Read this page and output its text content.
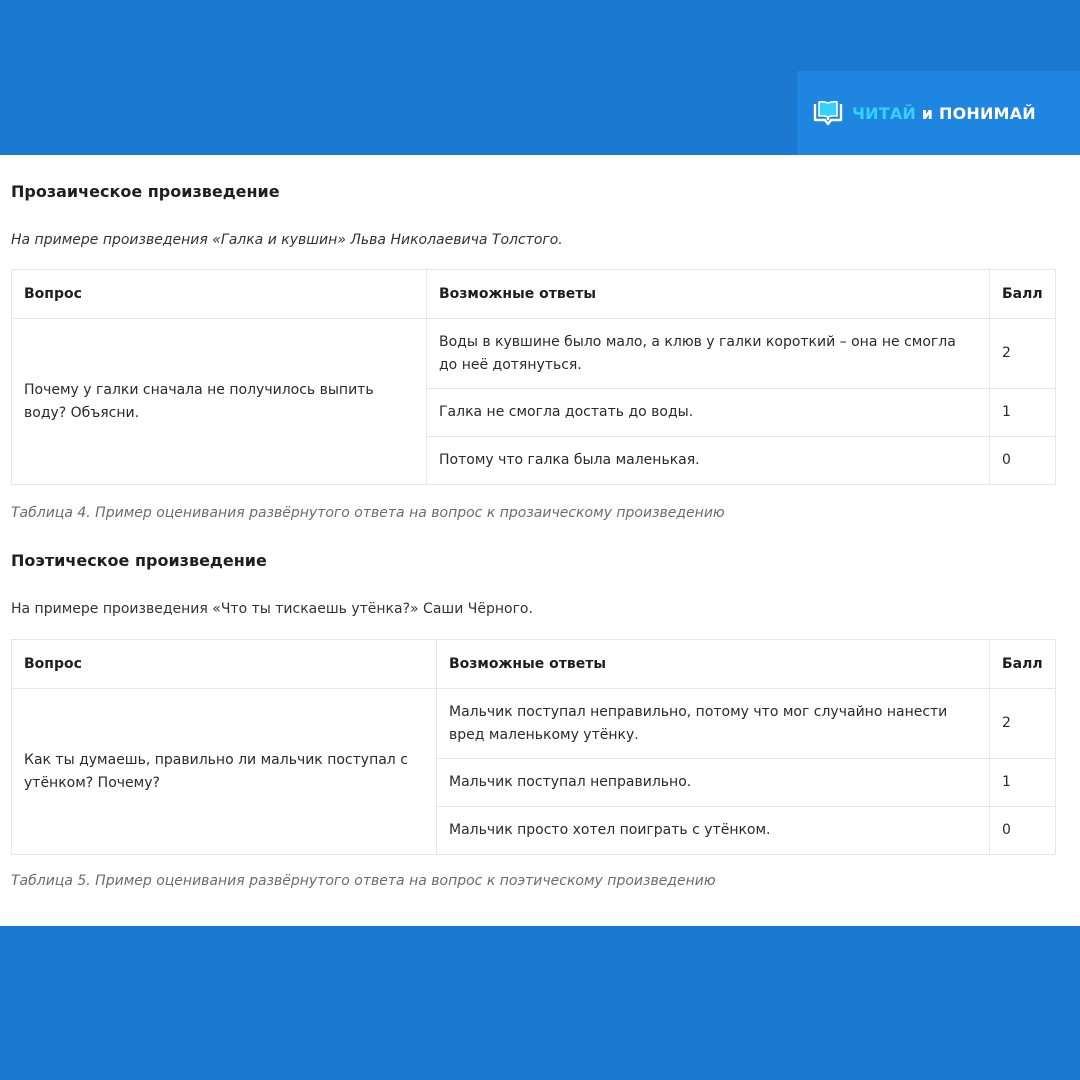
ЧИТАЙ и ПОНИМАЙ

Прозаическое произведение

На примере произведения «Галка и кувшин» Льва Николаевича Толстого.

Вопрос	Возможные ответы	Балл
Почему у галки сначала не получилось выпить воду? Объясни.	Воды в кувшине было мало, а клюв у галки короткий – она не смогла до неё дотянуться.	2
	Галка не смогла достать до воды.	1
	Потому что галка была маленькая.	0

Таблица 4. Пример оценивания развёрнутого ответа на вопрос к прозаическому произведению

Поэтическое произведение

На примере произведения «Что ты тискаешь утёнка?» Саши Чёрного.

Вопрос	Возможные ответы	Балл
Как ты думаешь, правильно ли мальчик поступал с утёнком? Почему?	Мальчик поступал неправильно, потому что мог случайно нанести вред маленькому утёнку.	2
	Мальчик поступал неправильно.	1
	Мальчик просто хотел поиграть с утёнком.	0

Таблица 5. Пример оценивания развёрнутого ответа на вопрос к поэтическому произведению
